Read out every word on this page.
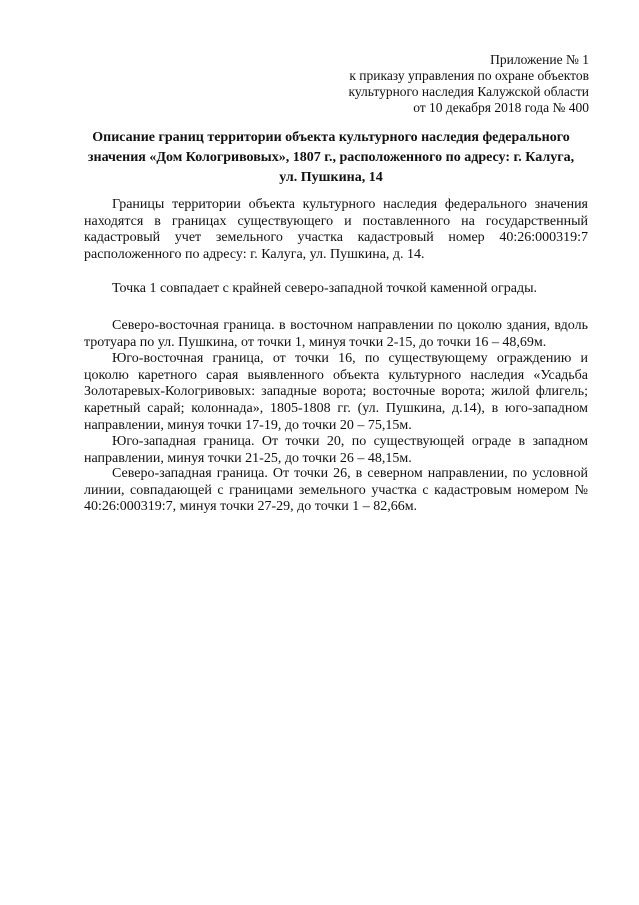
Приложение № 1
к приказу управления по охране объектов
культурного наследия Калужской области
от 10 декабря 2018 года № 400
Описание границ территории объекта культурного наследия федерального
значения «Дом Кологривовых», 1807 г., расположенного по адресу: г. Калуга,
ул. Пушкина, 14

Границы территории объекта культурного наследия федерального значения находятся в границах существующего и поставленного на государственный кадастровый учет земельного участка кадастровый номер 40:26:000319:7 расположенного по адресу: г. Калуга, ул. Пушкина, д. 14.

Точка 1 совпадает с крайней северо-западной точкой каменной ограды.

Северо-восточная граница. в восточном направлении по цоколю здания, вдоль тротуара по ул. Пушкина, от точки 1, минуя точки 2-15, до точки 16 – 48,69м.

Юго-восточная граница, от точки 16, по существующему ограждению и цоколю каретного сарая выявленного объекта культурного наследия «Усадьба Золотаревых-Кологривовых: западные ворота; восточные ворота; жилой флигель; каретный сарай; колоннада», 1805-1808 гг. (ул. Пушкина, д.14), в юго-западном направлении, минуя точки 17-19, до точки 20 – 75,15м.

Юго-западная граница. От точки 20, по существующей ограде в западном направлении, минуя точки 21-25, до точки 26 – 48,15м.

Северо-западная граница. От точки 26, в северном направлении, по условной линии, совпадающей с границами земельного участка с кадастровым номером № 40:26:000319:7, минуя точки 27-29, до точки 1 – 82,66м.
